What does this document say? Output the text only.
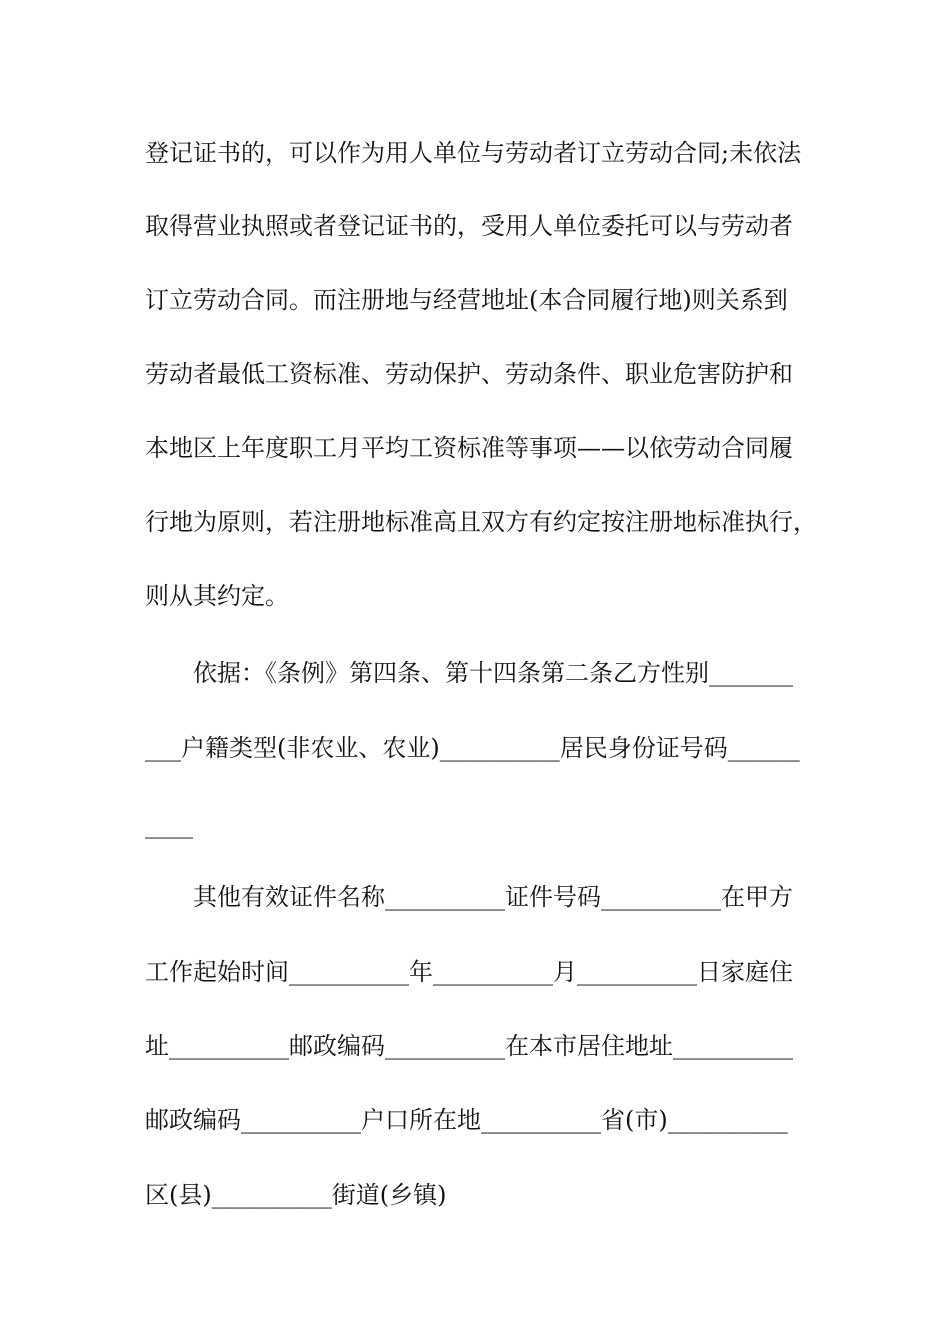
登记证书的，可以作为用人单位与劳动者订立劳动合同;未依法
取得营业执照或者登记证书的，受用人单位委托可以与劳动者
订立劳动合同。而注册地与经营地址(本合同履行地)则关系到
劳动者最低工资标准、劳动保护、劳动条件、职业危害防护和
本地区上年度职工月平均工资标准等事项——以依劳动合同履
行地为原则，若注册地标准高且双方有约定按注册地标准执行，
则从其约定。
依据：《条例》第四条、第十四条第二条乙方性别_______
___户籍类型(非农业、农业)__________居民身份证号码______
____
其他有效证件名称__________证件号码__________在甲方
工作起始时间__________年__________月__________日家庭住
址__________邮政编码__________在本市居住地址__________
邮政编码__________户口所在地__________省(市)__________
区(县)__________街道(乡镇)
